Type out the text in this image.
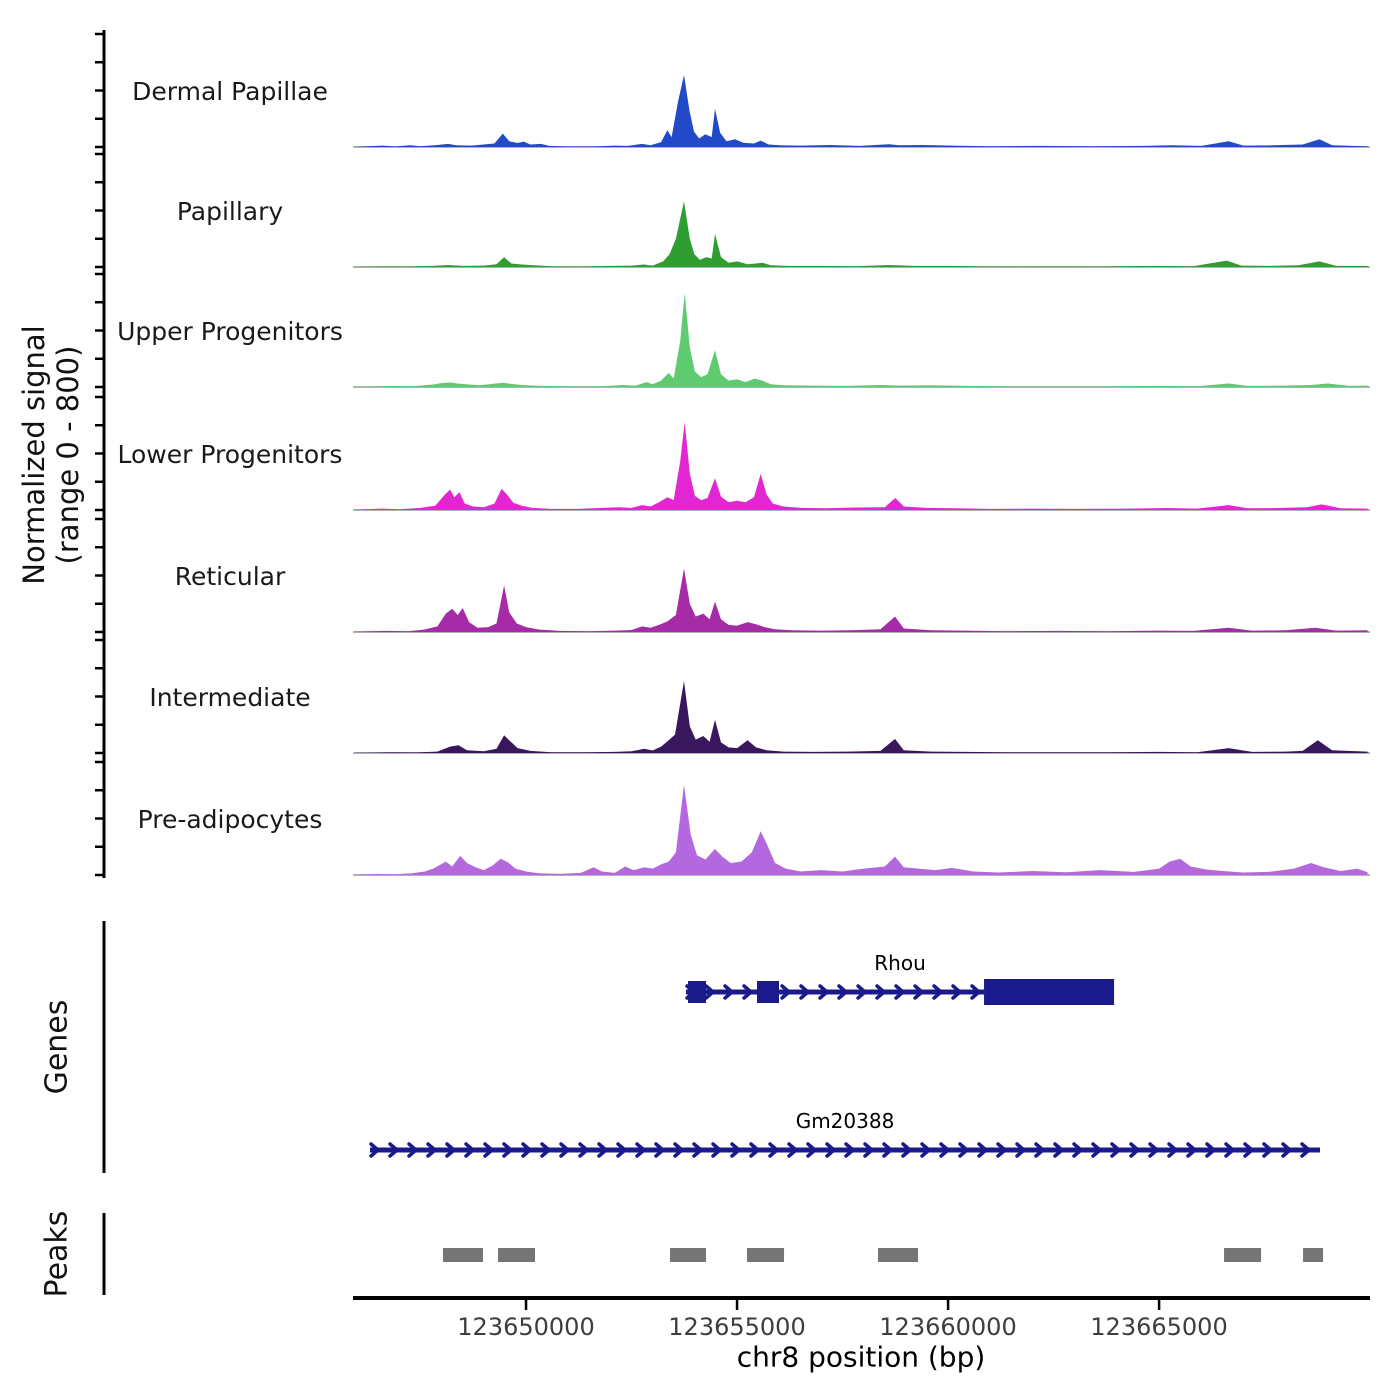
Normalized signal (range 0 - 800)
Genes
Peaks
chr8 position (bp)
Dermal Papillae
Papillary
Upper Progenitors
Lower Progenitors
Reticular
Intermediate
Pre-adipocytes
Rhou
Gm20388
123650000	123655000	123660000	123665000
